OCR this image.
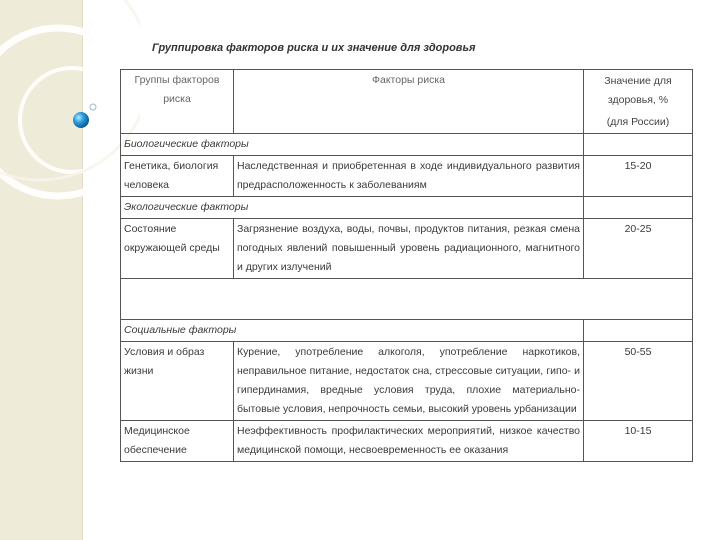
Группировка факторов риска и их значение для здоровья
Группы факторов риска	Факторы риска	Значение для здоровья, %
(для России)

Биологические факторы		
Генетика, биология человека	Наследственная и приобретенная в ходе индивидуального развития предрасположенность к заболеваниям	15-20
Экологические факторы		
Состояние окружающей среды	Загрязнение воздуха, воды, почвы, продуктов питания, резкая смена погодных явлений повышенный уровень радиационного, магнитного и других излучений	20-25

Социальные факторы		
Условия и образ жизни	Курение, употребление алкоголя, употребление наркотиков, неправильное питание, недостаток сна, стрессовые ситуации, гипо- и гипердинамия, вредные условия труда, плохие материально-бытовые условия, непрочность семьи, высокий уровень урбанизации	50-55
Медицинское обеспечение	Неэффективность профилактических мероприятий, низкое качество медицинской помощи, несвоевременность ее оказания	10-15
